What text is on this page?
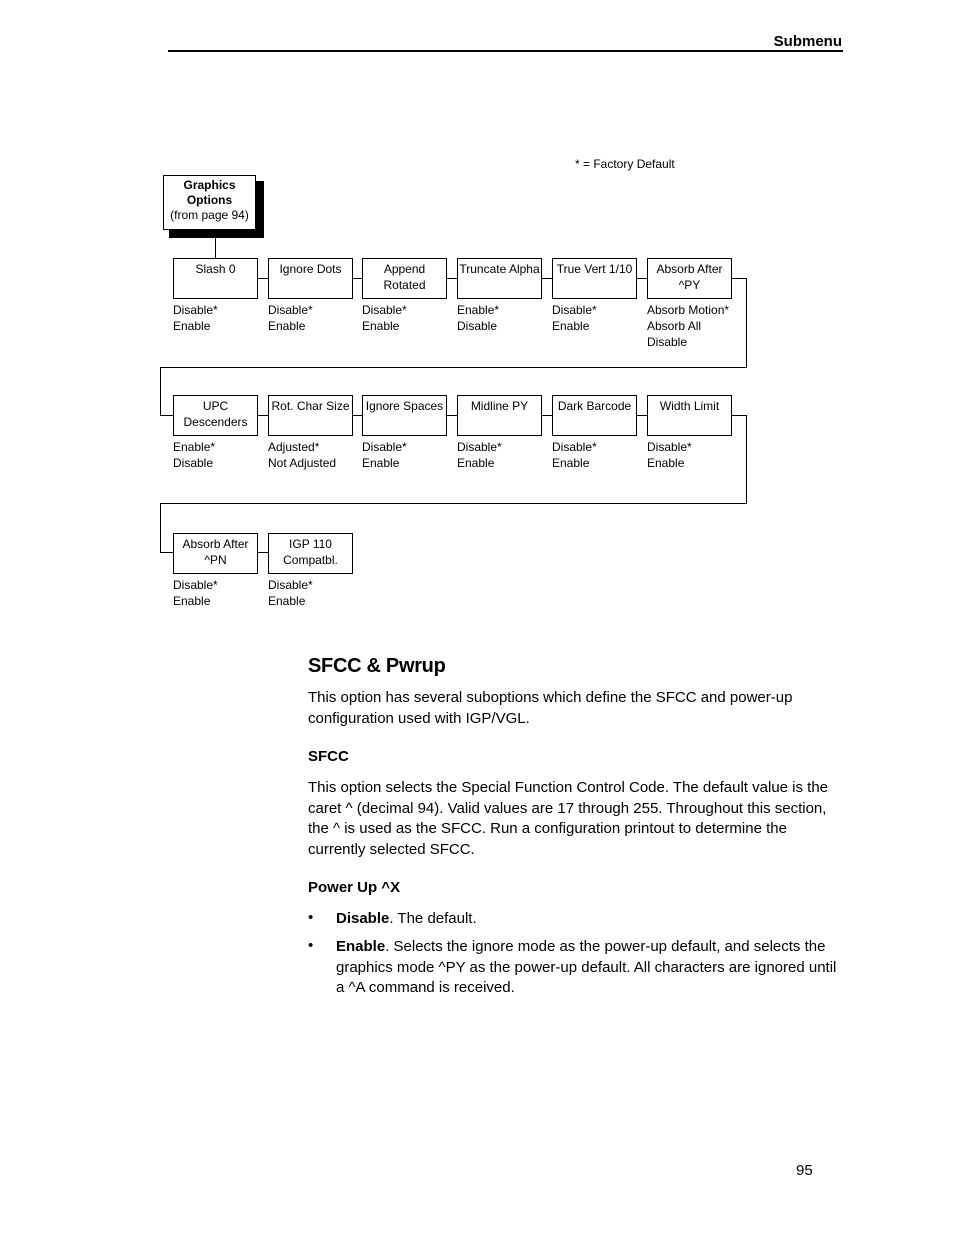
Submenu
* = Factory Default
Graphics
Options
(from page 94)
Slash 0
Disable*
Enable
Ignore Dots
Disable*
Enable
Append
Rotated
Disable*
Enable
Truncate Alpha
Enable*
Disable
True Vert 1/10
Disable*
Enable
Absorb After
^PY
Absorb Motion*
Absorb All
Disable
UPC
Descenders
Enable*
Disable
Rot. Char Size
Adjusted*
Not Adjusted
Ignore Spaces
Disable*
Enable
Midline PY
Disable*
Enable
Dark Barcode
Disable*
Enable
Width Limit
Disable*
Enable
Absorb After
^PN
Disable*
Enable
IGP 110
Compatbl.
Disable*
Enable
SFCC & Pwrup
This option has several suboptions which define the SFCC and power-up configuration used with IGP/VGL.
SFCC
This option selects the Special Function Control Code. The default value is the caret ^ (decimal 94). Valid values are 17 through 255. Throughout this section, the ^ is used as the SFCC. Run a configuration printout to determine the currently selected SFCC.
Power Up ^X
• Disable. The default.
• Enable. Selects the ignore mode as the power-up default, and selects the graphics mode ^PY as the power-up default. All characters are ignored until a ^A command is received.
95
